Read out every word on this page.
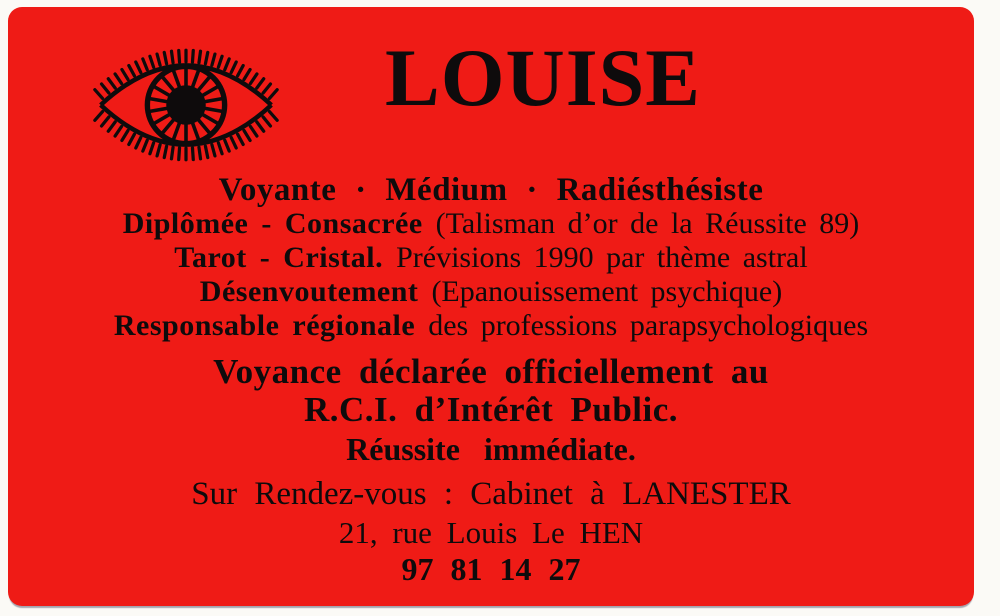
LOUISE
Voyante · Médium · Radiésthésiste
Diplômée - Consacrée (Talisman d’or de la Réussite 89)
Tarot - Cristal. Prévisions 1990 par thème astral
Désenvoutement (Epanouissement psychique)
Responsable régionale des professions parapsychologiques
Voyance déclarée officiellement au
R.C.I. d’Intérêt Public.
Réussite immédiate.
Sur Rendez-vous : Cabinet à LANESTER
21, rue Louis Le HEN
97 81 14 27
